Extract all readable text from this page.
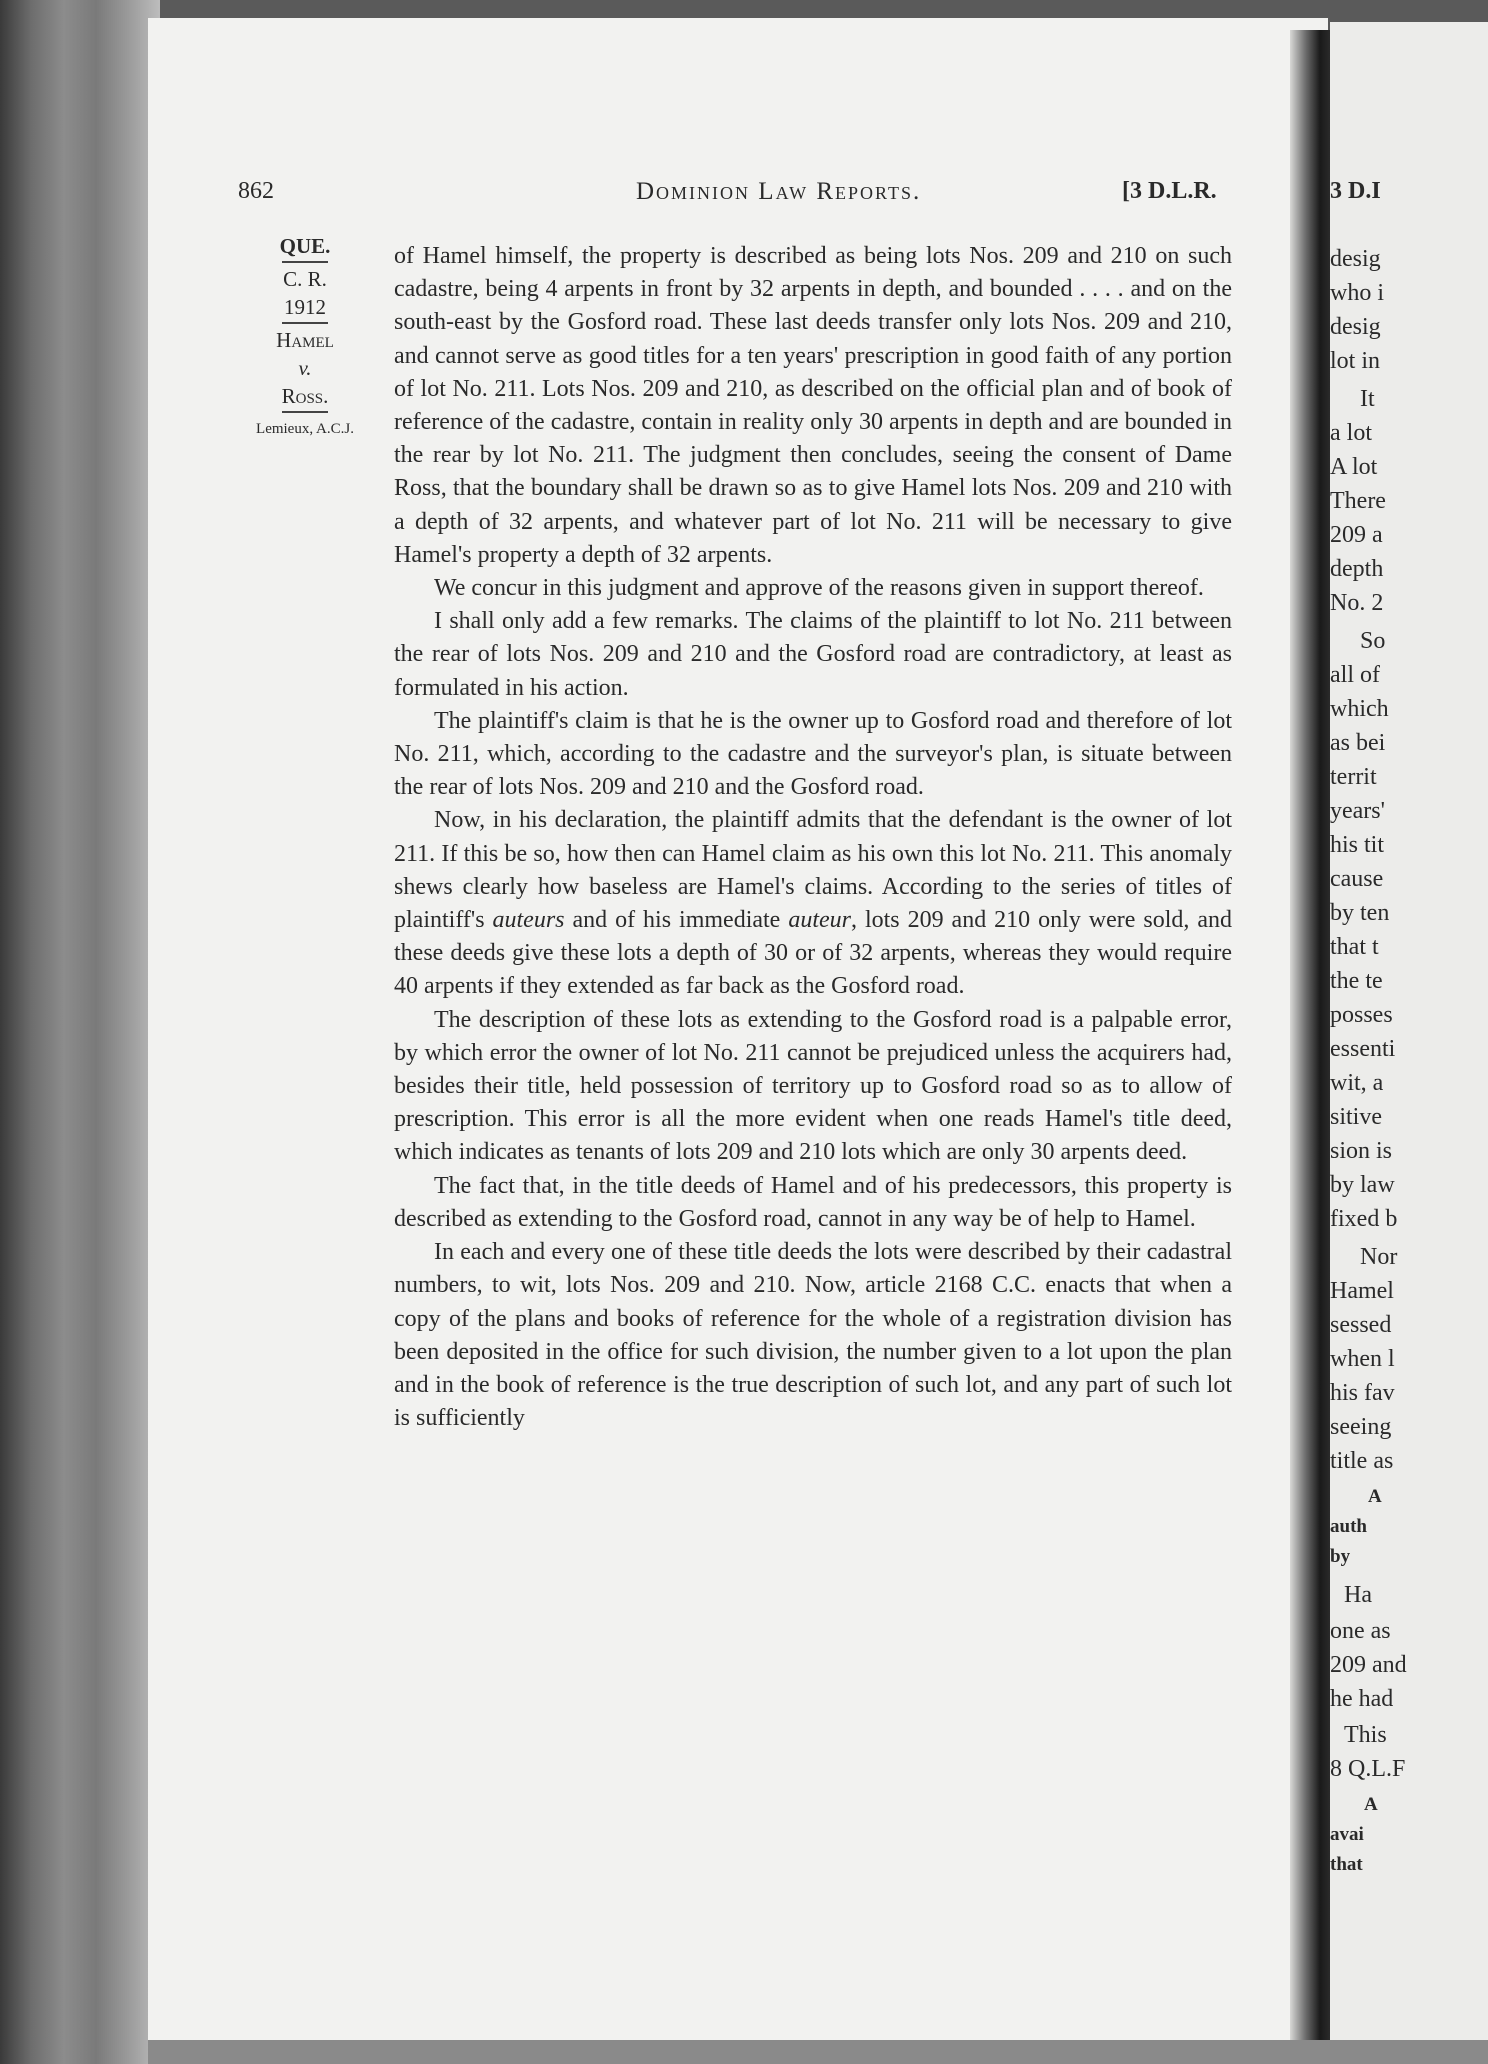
3 D.I
desig
who i
desig
lot in
It
a lot
A lot
There
209 a
depth
No. 2
So
all of
which
as bei
territ
years'
his tit
cause
by ten
that t
the te
posses
essenti
wit, a
sitive
sion is
by law
fixed b
Nor
Hamel
sessed
when l
his fav
seeing
title as
A
auth
by
Ha
one as
209 and
he had
This
8 Q.L.F
A
avai
that
862	Dominion Law Reports.	[3 D.L.R.
QUE.
C. R.
1912
Hamel
v.
Ross.
Lemieux, A.C.J.

of Hamel himself, the property is described as being lots Nos. 209 and 210 on such cadastre, being 4 arpents in front by 32 arpents in depth, and bounded . . . . and on the south-east by the Gosford road. These last deeds transfer only lots Nos. 209 and 210, and cannot serve as good titles for a ten years' prescription in good faith of any portion of lot No. 211. Lots Nos. 209 and 210, as described on the official plan and of book of reference of the cadastre, contain in reality only 30 arpents in depth and are bounded in the rear by lot No. 211. The judgment then concludes, seeing the consent of Dame Ross, that the boundary shall be drawn so as to give Hamel lots Nos. 209 and 210 with a depth of 32 arpents, and whatever part of lot No. 211 will be necessary to give Hamel's property a depth of 32 arpents.

We concur in this judgment and approve of the reasons given in support thereof.

I shall only add a few remarks. The claims of the plaintiff to lot No. 211 between the rear of lots Nos. 209 and 210 and the Gosford road are contradictory, at least as formulated in his action.

The plaintiff's claim is that he is the owner up to Gosford road and therefore of lot No. 211, which, according to the cadastre and the surveyor's plan, is situate between the rear of lots Nos. 209 and 210 and the Gosford road.

Now, in his declaration, the plaintiff admits that the defendant is the owner of lot 211. If this be so, how then can Hamel claim as his own this lot No. 211. This anomaly shews clearly how baseless are Hamel's claims. According to the series of titles of plaintiff's auteurs and of his immediate auteur, lots 209 and 210 only were sold, and these deeds give these lots a depth of 30 or of 32 arpents, whereas they would require 40 arpents if they extended as far back as the Gosford road.

The description of these lots as extending to the Gosford road is a palpable error, by which error the owner of lot No. 211 cannot be prejudiced unless the acquirers had, besides their title, held possession of territory up to Gosford road so as to allow of prescription. This error is all the more evident when one reads Hamel's title deed, which indicates as tenants of lots 209 and 210 lots which are only 30 arpents deed.

The fact that, in the title deeds of Hamel and of his predecessors, this property is described as extending to the Gosford road, cannot in any way be of help to Hamel.

In each and every one of these title deeds the lots were described by their cadastral numbers, to wit, lots Nos. 209 and 210. Now, article 2168 C.C. enacts that when a copy of the plans and books of reference for the whole of a registration division has been deposited in the office for such division, the number given to a lot upon the plan and in the book of reference is the true description of such lot, and any part of such lot is sufficiently
